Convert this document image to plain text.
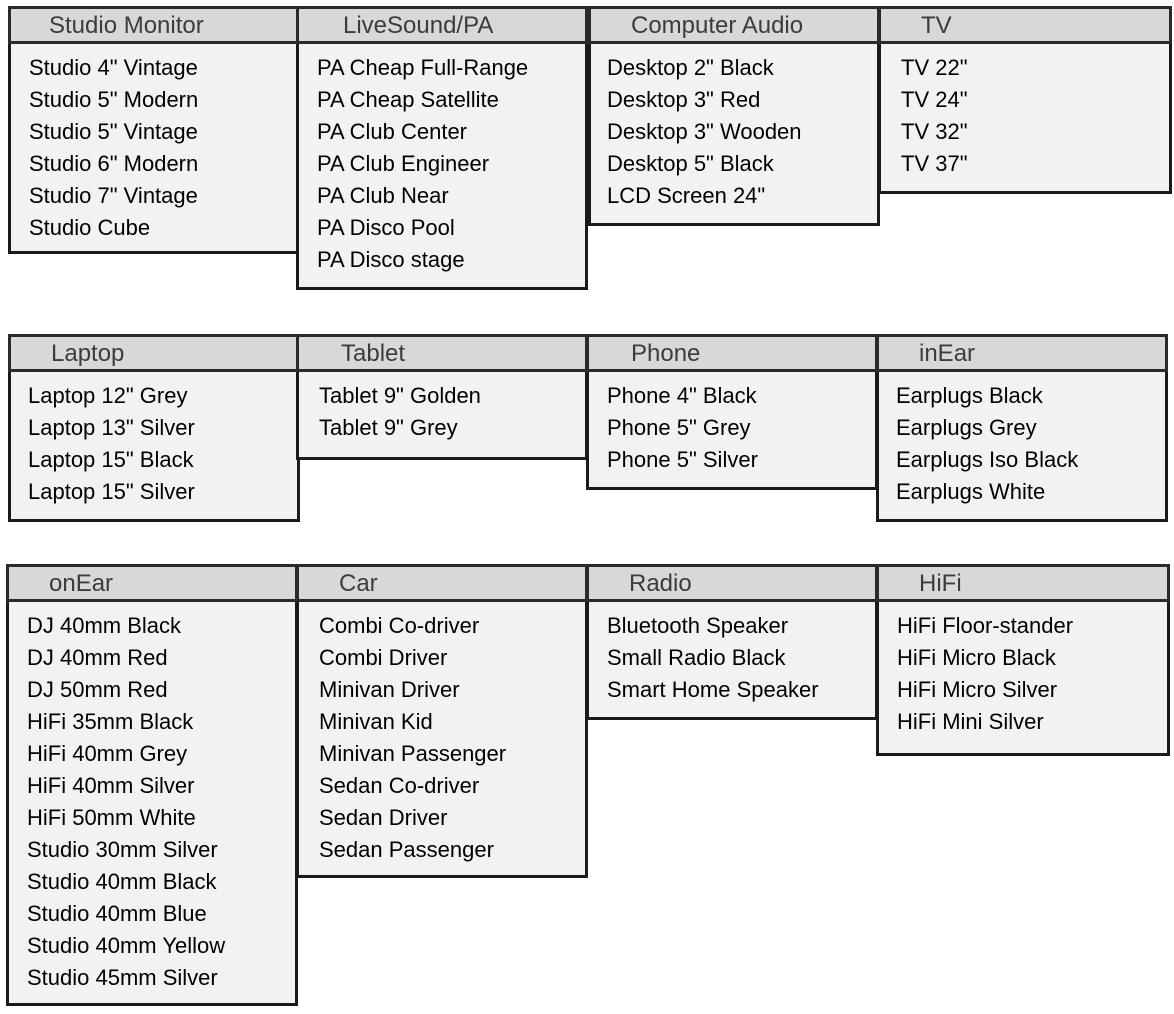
Studio Monitor
Studio 4" Vintage
Studio 5" Modern
Studio 5" Vintage
Studio 6" Modern
Studio 7" Vintage
Studio Cube
LiveSound/PA
PA Cheap Full-Range
PA Cheap Satellite
PA Club Center
PA Club Engineer
PA Club Near
PA Disco Pool
PA Disco stage
Computer Audio
Desktop 2" Black
Desktop 3" Red
Desktop 3" Wooden
Desktop 5" Black
LCD Screen 24"
TV
TV 22"
TV 24"
TV 32"
TV 37"
Laptop
Laptop 12" Grey
Laptop 13" Silver
Laptop 15" Black
Laptop 15" Silver
Tablet
Tablet 9" Golden
Tablet 9" Grey
Phone
Phone 4" Black
Phone 5" Grey
Phone 5" Silver
inEar
Earplugs Black
Earplugs Grey
Earplugs Iso Black
Earplugs White
onEar
DJ 40mm Black
DJ 40mm Red
DJ 50mm Red
HiFi 35mm Black
HiFi 40mm Grey
HiFi 40mm Silver
HiFi 50mm White
Studio 30mm Silver
Studio 40mm Black
Studio 40mm Blue
Studio 40mm Yellow
Studio 45mm Silver
Car
Combi Co-driver
Combi Driver
Minivan Driver
Minivan Kid
Minivan Passenger
Sedan Co-driver
Sedan Driver
Sedan Passenger
Radio
Bluetooth Speaker
Small Radio Black
Smart Home Speaker
HiFi
HiFi Floor-stander
HiFi Micro Black
HiFi Micro Silver
HiFi Mini Silver
